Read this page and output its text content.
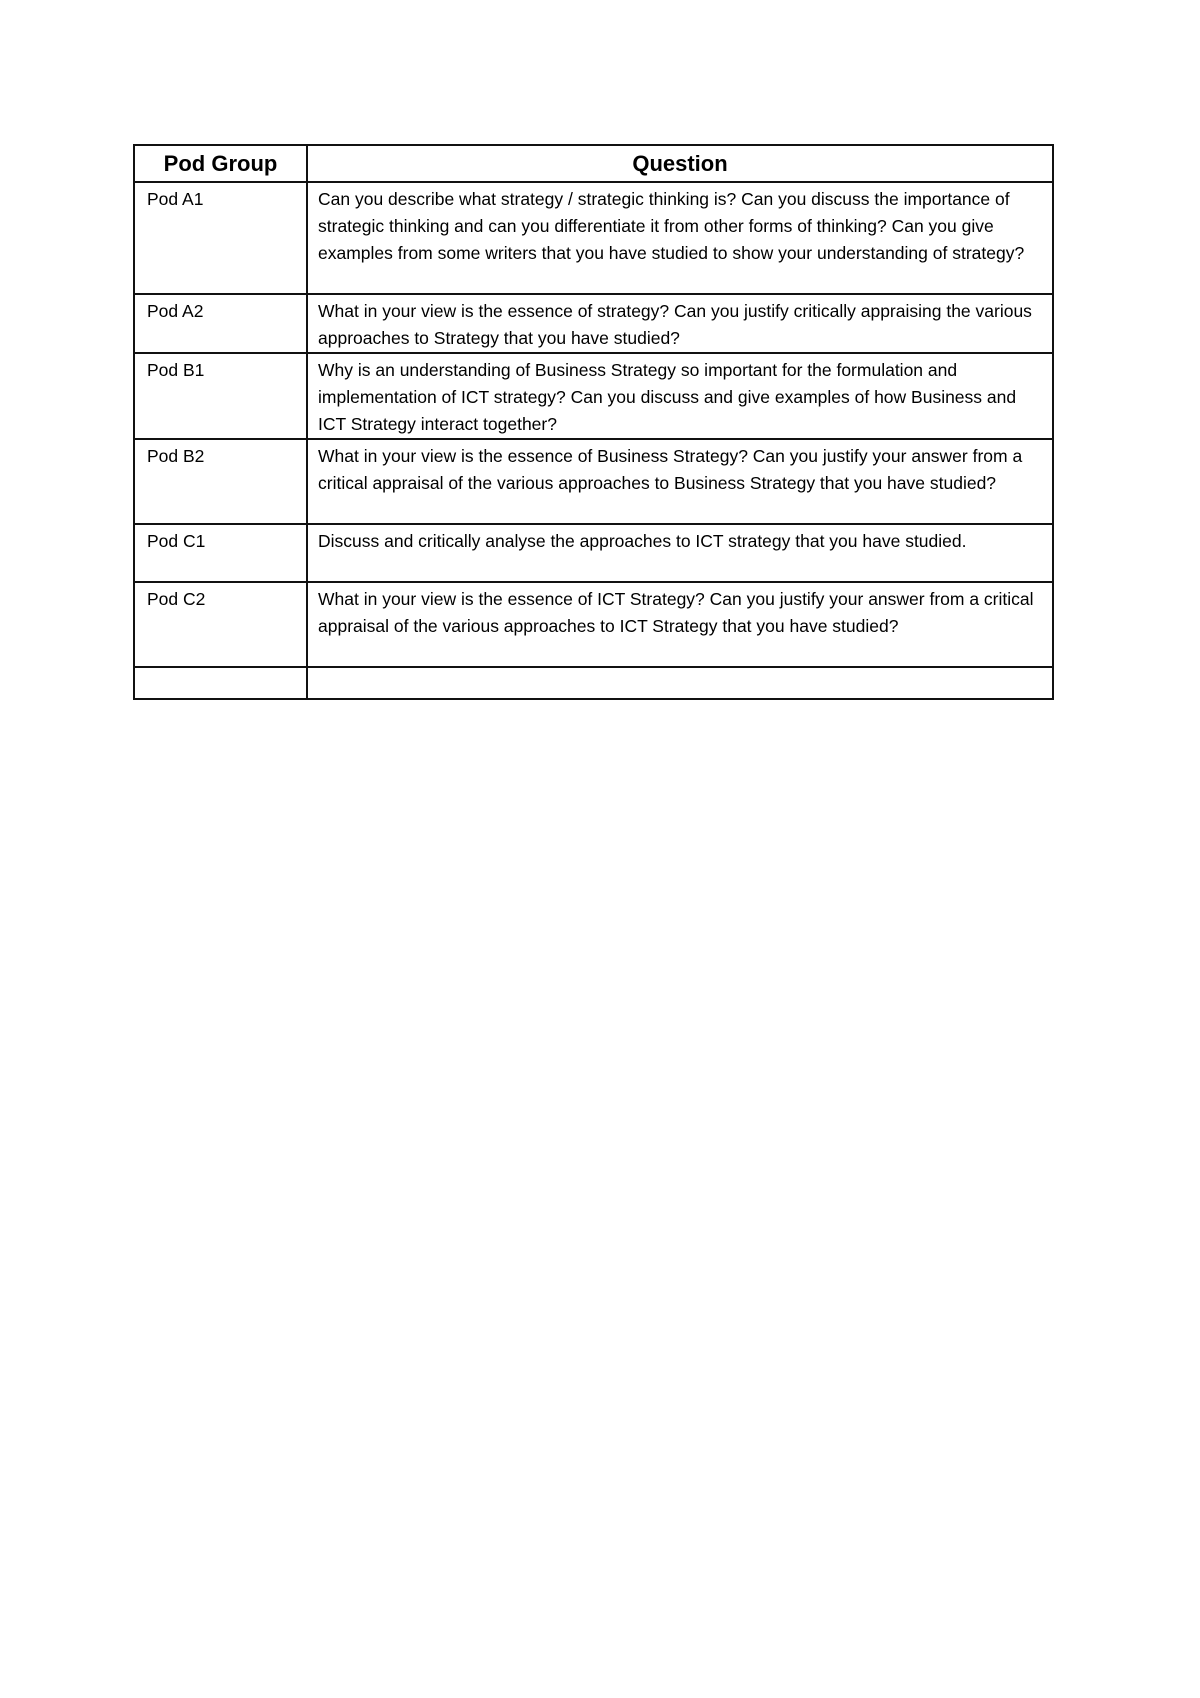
Pod Group	Question
Pod A1	Can you describe what strategy / strategic thinking is? Can you discuss the importance of strategic thinking and can you differentiate it from other forms of thinking? Can you give examples from some writers that you have studied to show your understanding of strategy?
Pod A2	What in your view is the essence of strategy? Can you justify critically appraising the various approaches to Strategy that you have studied?
Pod B1	Why is an understanding of Business Strategy so important for the formulation and implementation of ICT strategy? Can you discuss and give examples of how Business and ICT Strategy interact together?
Pod B2	What in your view is the essence of Business Strategy? Can you justify your answer from a critical appraisal of the various approaches to Business Strategy that you have studied?
Pod C1	Discuss and critically analyse the approaches to ICT strategy that you have studied.
Pod C2	What in your view is the essence of ICT Strategy? Can you justify your answer from a critical appraisal of the various approaches to ICT Strategy that you have studied?
